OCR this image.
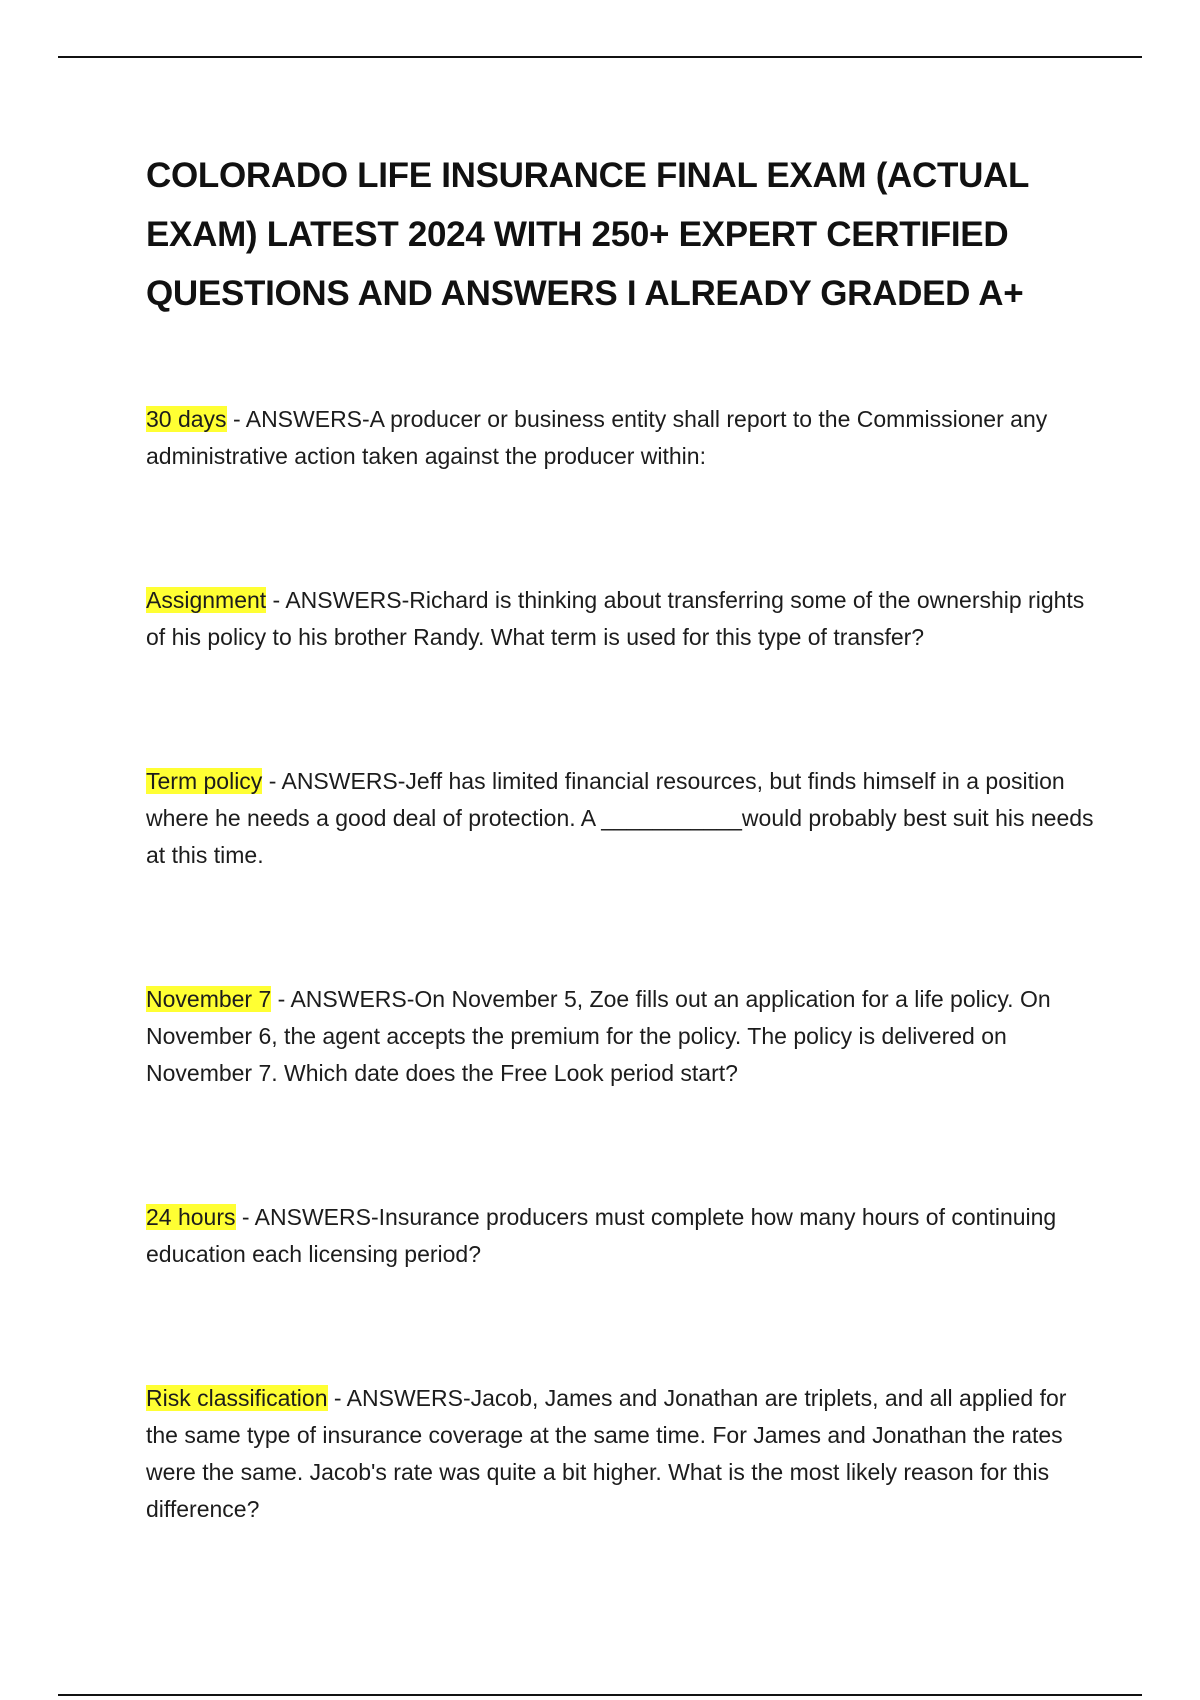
COLORADO LIFE INSURANCE FINAL EXAM (ACTUAL EXAM) LATEST 2024 WITH 250+ EXPERT CERTIFIED QUESTIONS AND ANSWERS I ALREADY GRADED A+

30 days - ANSWERS-A producer or business entity shall report to the Commissioner any administrative action taken against the producer within:

Assignment - ANSWERS-Richard is thinking about transferring some of the ownership rights of his policy to his brother Randy. What term is used for this type of transfer?

Term policy - ANSWERS-Jeff has limited financial resources, but finds himself in a position where he needs a good deal of protection. A ___________would probably best suit his needs at this time.

November 7 - ANSWERS-On November 5, Zoe fills out an application for a life policy. On November 6, the agent accepts the premium for the policy. The policy is delivered on November 7. Which date does the Free Look period start?

24 hours - ANSWERS-Insurance producers must complete how many hours of continuing education each licensing period?

Risk classification - ANSWERS-Jacob, James and Jonathan are triplets, and all applied for the same type of insurance coverage at the same time. For James and Jonathan the rates were the same. Jacob's rate was quite a bit higher. What is the most likely reason for this difference?
